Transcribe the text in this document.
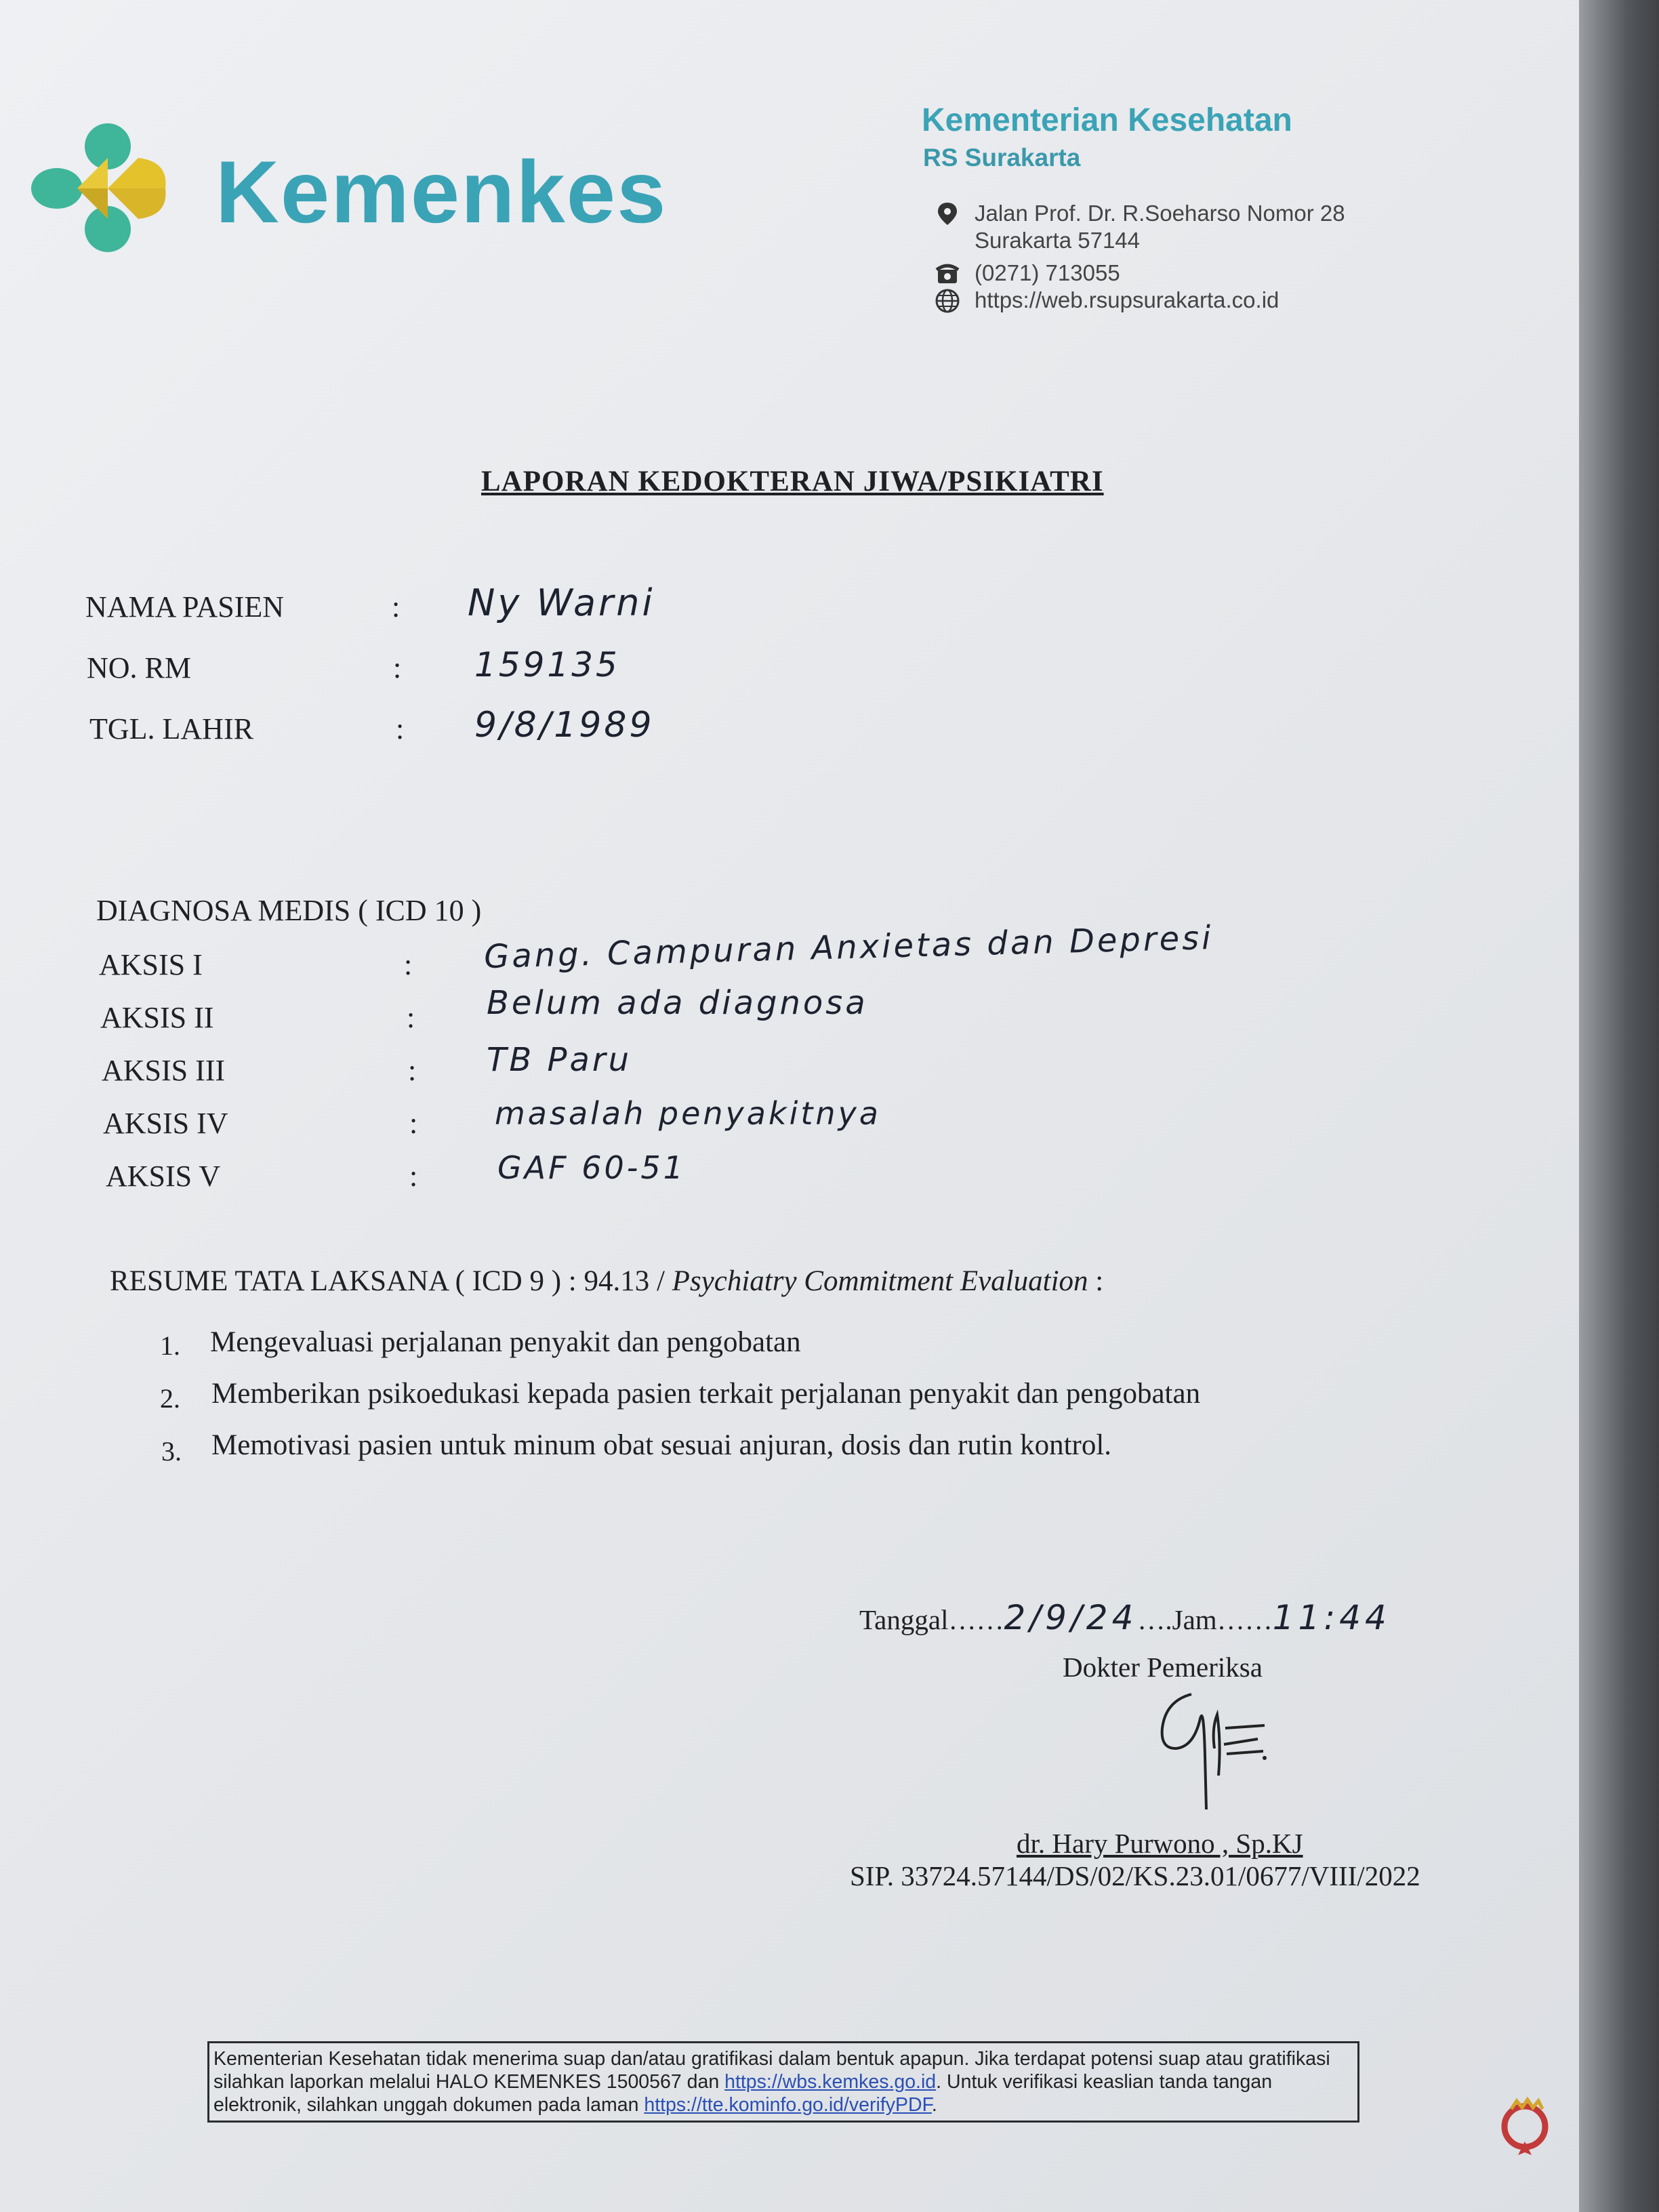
Kemenkes
Kementerian Kesehatan
RS Surakarta
Jalan Prof. Dr. R.Soeharso Nomor 28
Surakarta 57144
(0271) 713055
https://web.rsupsurakarta.co.id
LAPORAN KEDOKTERAN JIWA/PSIKIATRI
NAMA PASIEN	: Ny Warni
NO. RM	: 159135
TGL. LAHIR	: 9/8/1989
DIAGNOSA MEDIS ( ICD 10 )
AKSIS I	: Gang. Campuran Anxietas dan Depresi
AKSIS II	: Belum ada diagnosa
AKSIS III	: TB Paru
AKSIS IV	: masalah penyakitnya
AKSIS V	:	GAF 60-51
RESUME TATA LAKSANA ( ICD 9 ) : 94.13 / Psychiatry Commitment Evaluation :
1. Mengevaluasi perjalanan penyakit dan pengobatan
2. Memberikan psikoedukasi kepada pasien terkait perjalanan penyakit dan pengobatan
3. Memotivasi pasien untuk minum obat sesuai anjuran, dosis dan rutin kontrol.
Tanggal……2/9/24….Jam……11:44
Dokter Pemeriksa
dr. Hary Purwono , Sp.KJ
SIP. 33724.57144/DS/02/KS.23.01/0677/VIII/2022
Kementerian Kesehatan tidak menerima suap dan/atau gratifikasi dalam bentuk apapun. Jika terdapat potensi suap atau gratifikasi silahkan laporkan melalui HALO KEMENKES 1500567 dan https://wbs.kemkes.go.id. Untuk verifikasi keaslian tanda tangan elektronik, silahkan unggah dokumen pada laman https://tte.kominfo.go.id/verifyPDF.
